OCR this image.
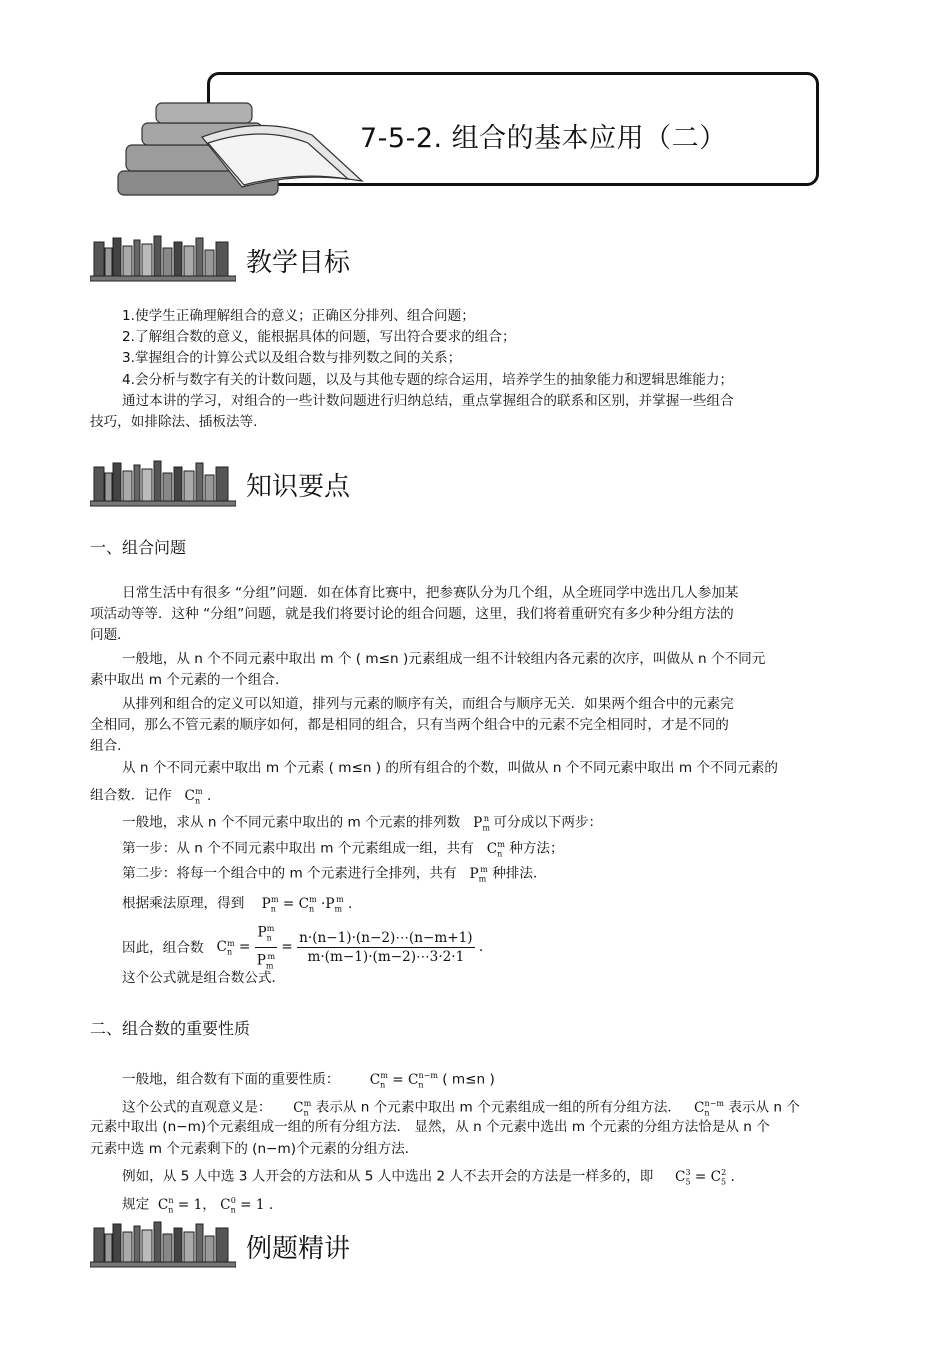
7-5-2. 组合的基本应用（二）
教学目标
1.使学生正确理解组合的意义；正确区分排列、组合问题；
2.了解组合数的意义，能根据具体的问题，写出符合要求的组合；
3.掌握组合的计算公式以及组合数与排列数之间的关系；
4.会分析与数字有关的计数问题，以及与其他专题的综合运用，培养学生的抽象能力和逻辑思维能力；
通过本讲的学习，对组合的一些计数问题进行归纳总结，重点掌握组合的联系和区别，并掌握一些组合
技巧，如排除法、插板法等.
知识要点
一、组合问题
日常生活中有很多 “分组”问题．如在体育比赛中，把参赛队分为几个组，从全班同学中选出几人参加某
项活动等等．这种 “分组”问题，就是我们将要讨论的组合问题，这里，我们将着重研究有多少种分组方法的
问题．
一般地，从 n 个不同元素中取出 m 个 ( m≤n )元素组成一组不计较组内各元素的次序，叫做从 n 个不同元
素中取出 m 个元素的一个组合．
从排列和组合的定义可以知道，排列与元素的顺序有关，而组合与顺序无关．如果两个组合中的元素完
全相同，那么不管元素的顺序如何，都是相同的组合，只有当两个组合中的元素不完全相同时，才是不同的
组合．
从 n 个不同元素中取出 m 个元素 ( m≤n ) 的所有组合的个数，叫做从 n 个不同元素中取出 m 个不同元素的
组合数．记作   $C_n^m$ .
一般地，求从 n 个不同元素中取出的 m 个元素的排列数   $P_m^n$ 可分成以下两步：
第一步：从 n 个不同元素中取出 m 个元素组成一组，共有   $C_n^m$ 种方法；
第二步：将每一个组合中的 m 个元素进行全排列，共有   $P_m^m$ 种排法．
根据乘法原理，得到    $P_n^m = C_n^m \cdot P_m^m$ .
因此，组合数   $C_n^m = \frac{P_n^m}{P_m^m} = \frac{n\cdot(n-1)\cdot(n-2)\cdots(n-m+1)}{m\cdot(m-1)\cdot(m-2)\cdots 3\cdot 2\cdot 1}$ .
这个公式就是组合数公式．
二、组合数的重要性质
一般地，组合数有下面的重要性质：       $C_n^m = C_n^{n-m}$ ( m≤n )
这个公式的直观意义是：     $C_n^m$ 表示从 n 个元素中取出 m 个元素组成一组的所有分组方法．   $C_n^{n-m}$ 表示从 n 个
元素中取出 (n−m)个元素组成一组的所有分组方法． 显然，从 n 个元素中选出 m 个元素的分组方法恰是从 n 个
元素中选 m 个元素剩下的 (n−m)个元素的分组方法．
例如，从 5 人中选 3 人开会的方法和从 5 人中选出 2 人不去开会的方法是一样多的，即     $C_5^3 = C_5^2$ .
规定  $C_n^n = 1$， $C_n^0 = 1$ .
例题精讲
